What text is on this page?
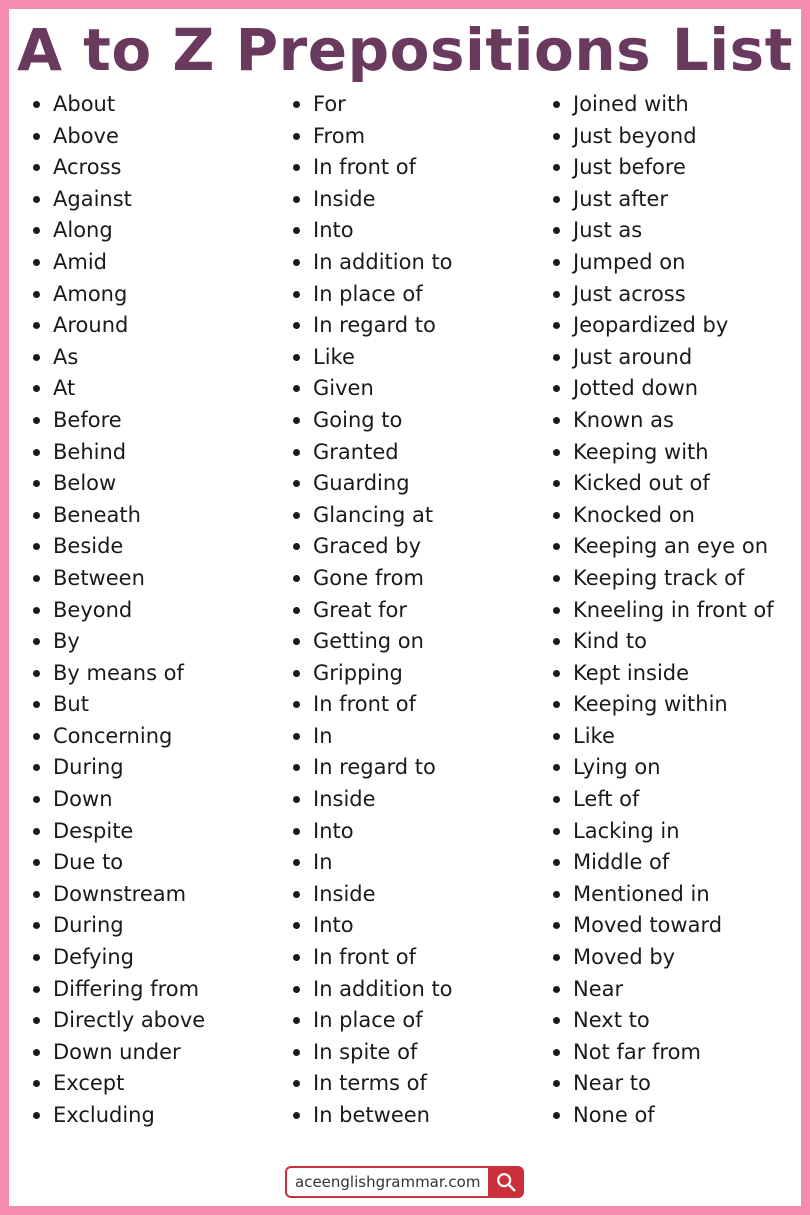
A to Z Prepositions List
About
Above
Across
Against
Along
Amid
Among
Around
As
At
Before
Behind
Below
Beneath
Beside
Between
Beyond
By
By means of
But
Concerning
During
Down
Despite
Due to
Downstream
During
Defying
Differing from
Directly above
Down under
Except
Excluding
For
From
In front of
Inside
Into
In addition to
In place of
In regard to
Like
Given
Going to
Granted
Guarding
Glancing at
Graced by
Gone from
Great for
Getting on
Gripping
In front of
In
In regard to
Inside
Into
In
Inside
Into
In front of
In addition to
In place of
In spite of
In terms of
In between
Joined with
Just beyond
Just before
Just after
Just as
Jumped on
Just across
Jeopardized by
Just around
Jotted down
Known as
Keeping with
Kicked out of
Knocked on
Keeping an eye on
Keeping track of
Kneeling in front of
Kind to
Kept inside
Keeping within
Like
Lying on
Left of
Lacking in
Middle of
Mentioned in
Moved toward
Moved by
Near
Next to
Not far from
Near to
None of
aceenglishgrammar.com
